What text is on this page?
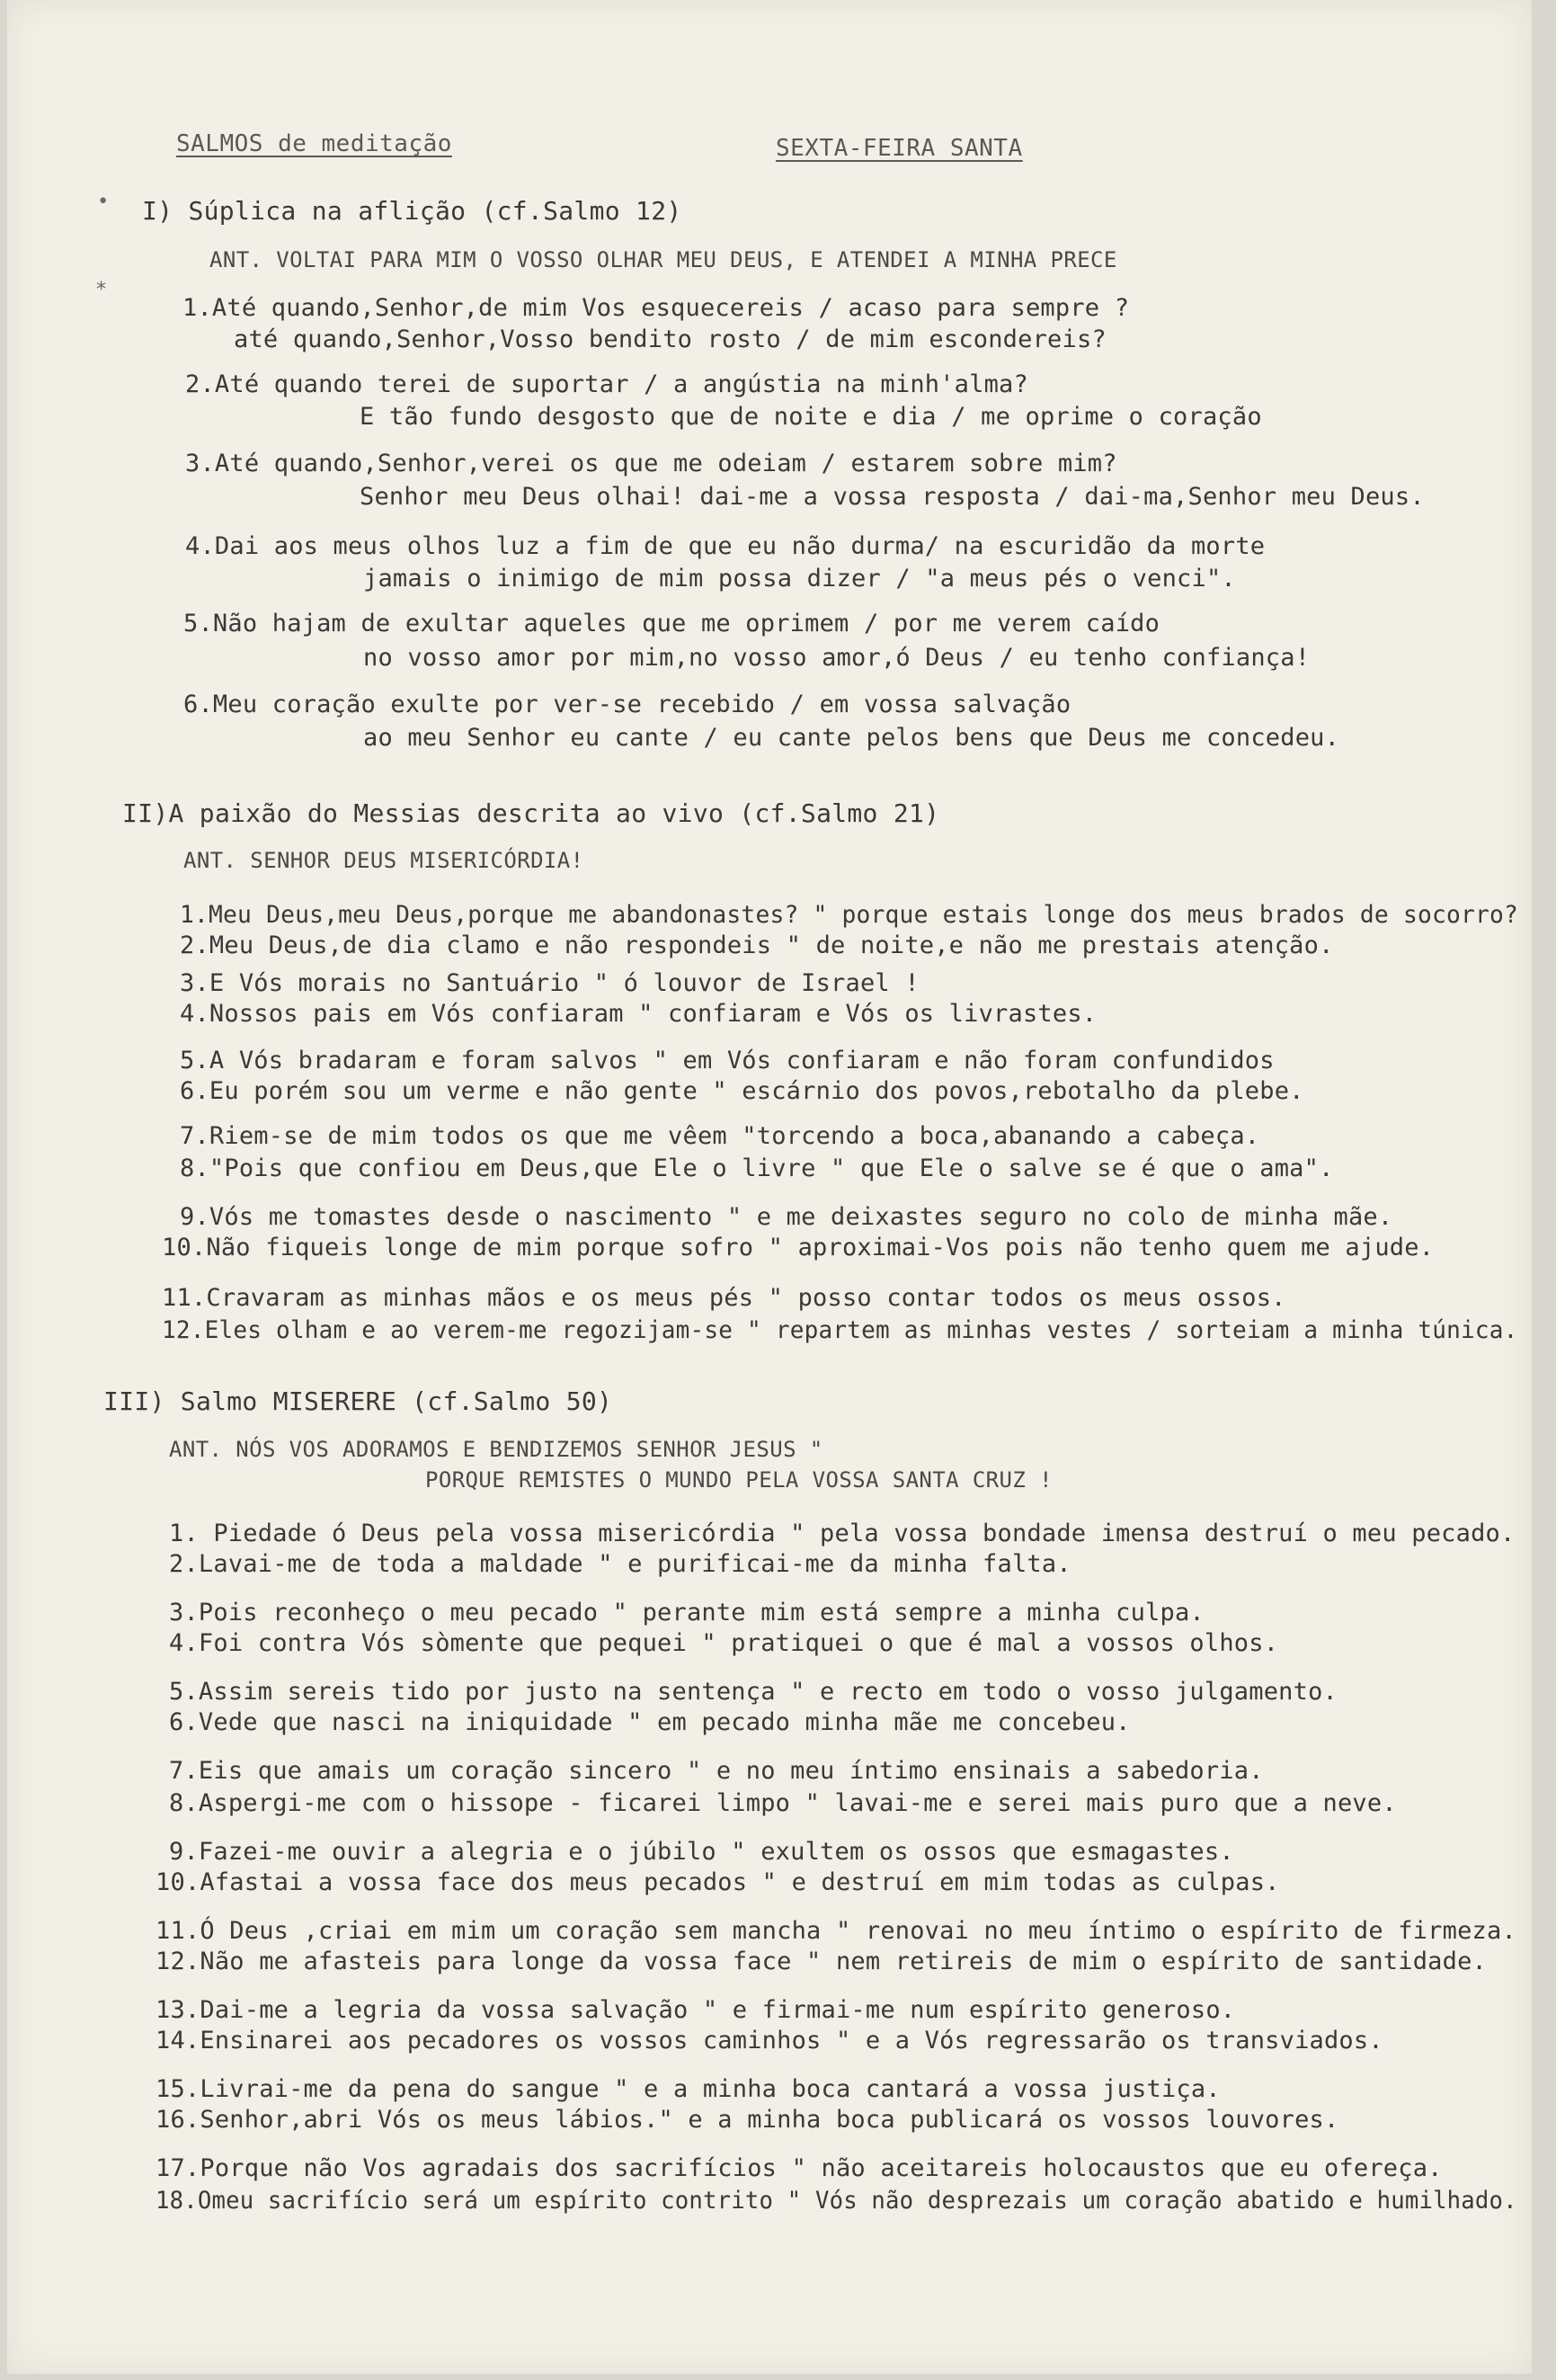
SALMOS de meditação	SEXTA-FEIRA SANTA
•
*
I) Súplica na aflição (cf.Salmo 12)
ANT. VOLTAI PARA MIM O VOSSO OLHAR MEU DEUS, E ATENDEI A MINHA PRECE
1.Até quando,Senhor,de mim Vos esquecereis / acaso para sempre ?
até quando,Senhor,Vosso bendito rosto / de mim escondereis?
2.Até quando terei de suportar / a angústia na minh'alma?
E tão fundo desgosto que de noite e dia / me oprime o coração
3.Até quando,Senhor,verei os que me odeiam / estarem sobre mim?
Senhor meu Deus olhai! dai-me a vossa resposta / dai-ma,Senhor meu Deus.
4.Dai aos meus olhos luz a fim de que eu não durma/ na escuridão da morte
jamais o inimigo de mim possa dizer / "a meus pés o venci".
5.Não hajam de exultar aqueles que me oprimem / por me verem caído
no vosso amor por mim,no vosso amor,ó Deus / eu tenho confiança!
6.Meu coração exulte por ver-se recebido / em vossa salvação
ao meu Senhor eu cante / eu cante pelos bens que Deus me concedeu.
II)A paixão do Messias descrita ao vivo (cf.Salmo 21)
ANT. SENHOR DEUS MISERICÓRDIA!
1.Meu Deus,meu Deus,porque me abandonastes? " porque estais longe dos meus brados de socorro?
2.Meu Deus,de dia clamo e não respondeis " de noite,e não me prestais atenção.
3.E Vós morais no Santuário " ó louvor de Israel !
4.Nossos pais em Vós confiaram " confiaram e Vós os livrastes.
5.A Vós bradaram e foram salvos " em Vós confiaram e não foram confundidos
6.Eu porém sou um verme e não gente " escárnio dos povos,rebotalho da plebe.
7.Riem-se de mim todos os que me vêem "torcendo a boca,abanando a cabeça.
8."Pois que confiou em Deus,que Ele o livre " que Ele o salve se é que o ama".
9.Vós me tomastes desde o nascimento " e me deixastes seguro no colo de minha mãe.
10.Não fiqueis longe de mim porque sofro " aproximai-Vos pois não tenho quem me ajude.
11.Cravaram as minhas mãos e os meus pés " posso contar todos os meus ossos.
12.Eles olham e ao verem-me regozijam-se " repartem as minhas vestes / sorteiam a minha túnica.
III) Salmo MISERERE (cf.Salmo 50)
ANT. NÓS VOS ADORAMOS E BENDIZEMOS SENHOR JESUS "
PORQUE REMISTES O MUNDO PELA VOSSA SANTA CRUZ !
1. Piedade ó Deus pela vossa misericórdia " pela vossa bondade imensa destruí o meu pecado.
2.Lavai-me de toda a maldade " e purificai-me da minha falta.
3.Pois reconheço o meu pecado " perante mim está sempre a minha culpa.
4.Foi contra Vós sòmente que pequei " pratiquei o que é mal a vossos olhos.
5.Assim sereis tido por justo na sentença " e recto em todo o vosso julgamento.
6.Vede que nasci na iniquidade " em pecado minha mãe me concebeu.
7.Eis que amais um coração sincero " e no meu íntimo ensinais a sabedoria.
8.Aspergi-me com o hissope - ficarei limpo " lavai-me e serei mais puro que a neve.
9.Fazei-me ouvir a alegria e o júbilo " exultem os ossos que esmagastes.
10.Afastai a vossa face dos meus pecados " e destruí em mim todas as culpas.
11.Ó Deus ,criai em mim um coração sem mancha " renovai no meu íntimo o espírito de firmeza.
12.Não me afasteis para longe da vossa face " nem retireis de mim o espírito de santidade.
13.Dai-me a legria da vossa salvação " e firmai-me num espírito generoso.
14.Ensinarei aos pecadores os vossos caminhos " e a Vós regressarão os transviados.
15.Livrai-me da pena do sangue " e a minha boca cantará a vossa justiça.
16.Senhor,abri Vós os meus lábios." e a minha boca publicará os vossos louvores.
17.Porque não Vos agradais dos sacrifícios " não aceitareis holocaustos que eu ofereça.
18.Omeu sacrifício será um espírito contrito " Vós não desprezais um coração abatido e humilhado.
